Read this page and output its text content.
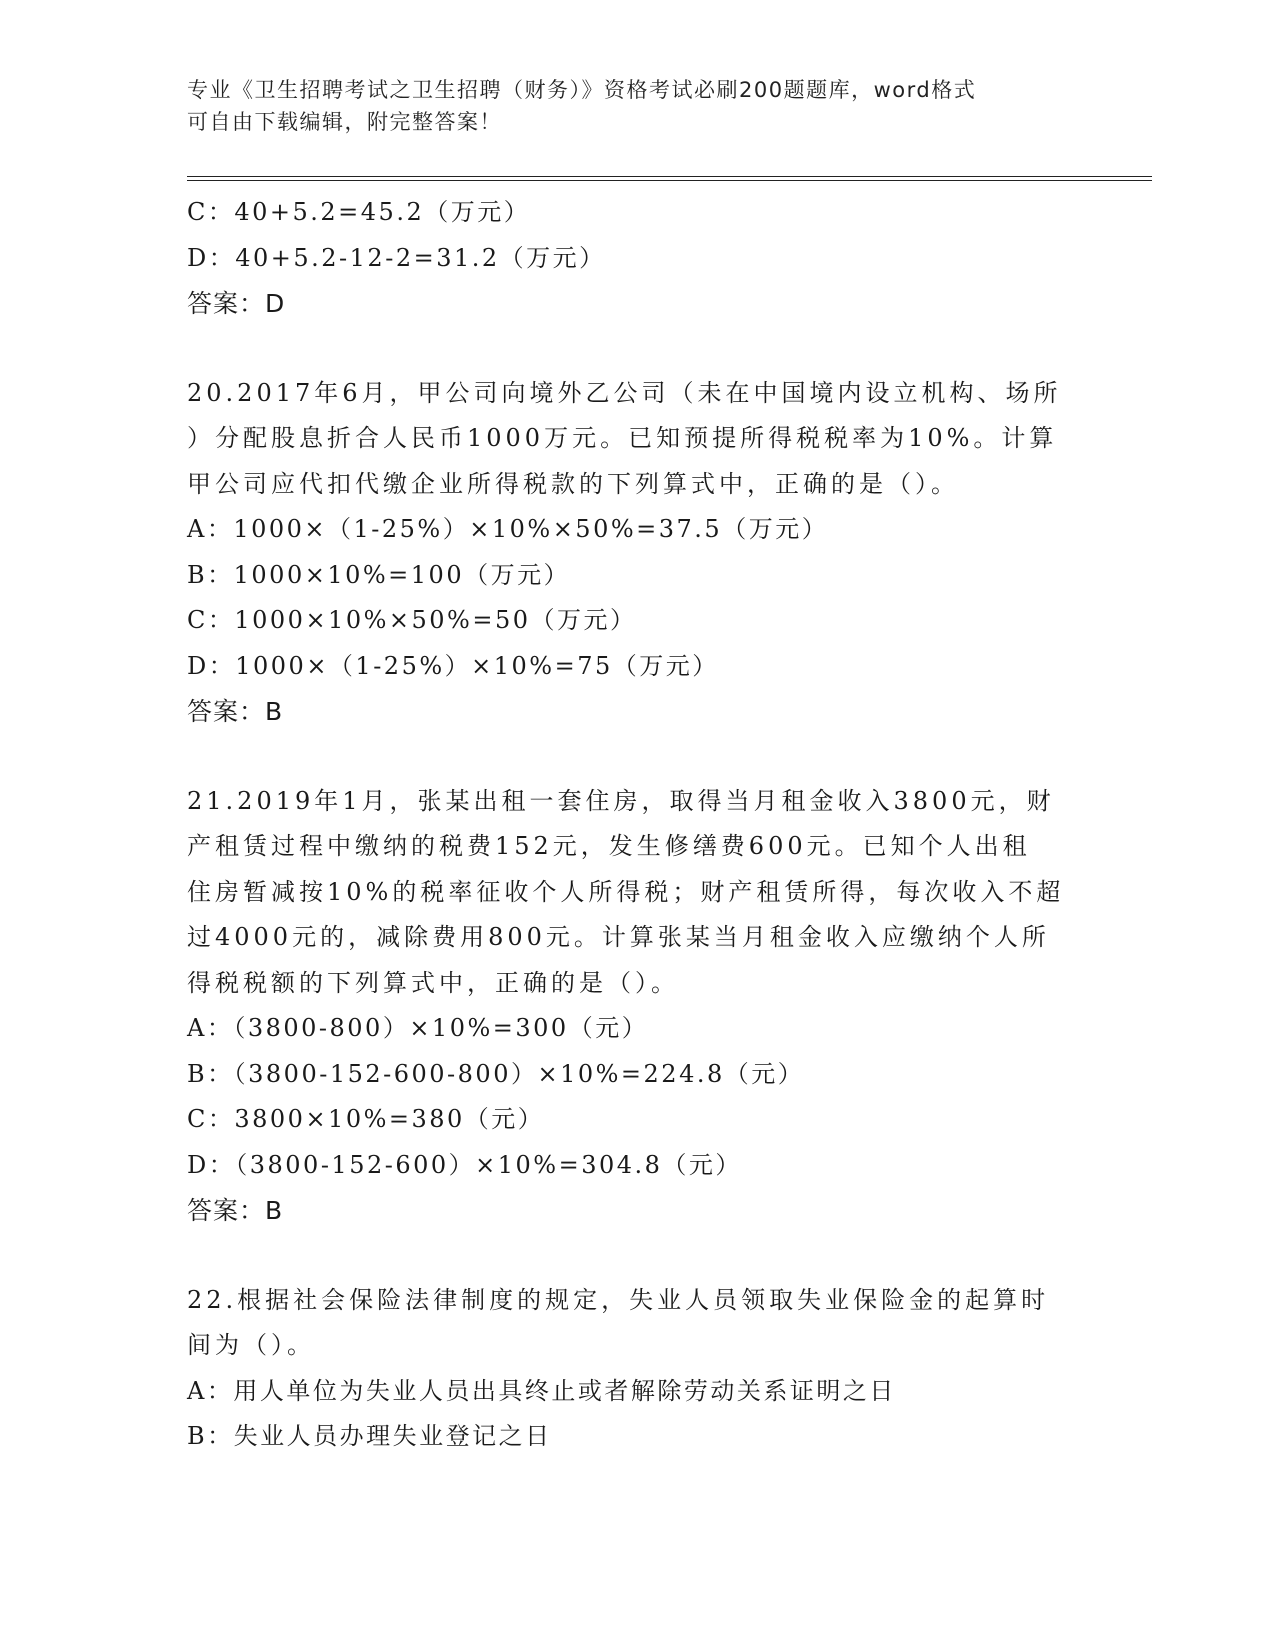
专业《卫生招聘考试之卫生招聘（财务）》资格考试必刷200题题库，word格式
可自由下载编辑，附完整答案！
C：40+5.2=45.2（万元）
D：40+5.2-12-2=31.2（万元）
答案：D
20.2017年6月，甲公司向境外乙公司（未在中国境内设立机构、场所
）分配股息折合人民币1000万元。已知预提所得税税率为10%。计算
甲公司应代扣代缴企业所得税款的下列算式中，正确的是（）。
A：1000×（1-25%）×10%×50%=37.5（万元）
B：1000×10%=100（万元）
C：1000×10%×50%=50（万元）
D：1000×（1-25%）×10%=75（万元）
答案：B
21.2019年1月，张某出租一套住房，取得当月租金收入3800元，财
产租赁过程中缴纳的税费152元，发生修缮费600元。已知个人出租
住房暂减按10%的税率征收个人所得税；财产租赁所得，每次收入不超
过4000元的，减除费用800元。计算张某当月租金收入应缴纳个人所
得税税额的下列算式中，正确的是（）。
A：（3800-800）×10%=300（元）
B：（3800-152-600-800）×10%=224.8（元）
C：3800×10%=380（元）
D：（3800-152-600）×10%=304.8（元）
答案：B
22.根据社会保险法律制度的规定，失业人员领取失业保险金的起算时
间为（）。
A：用人单位为失业人员出具终止或者解除劳动关系证明之日
B：失业人员办理失业登记之日
